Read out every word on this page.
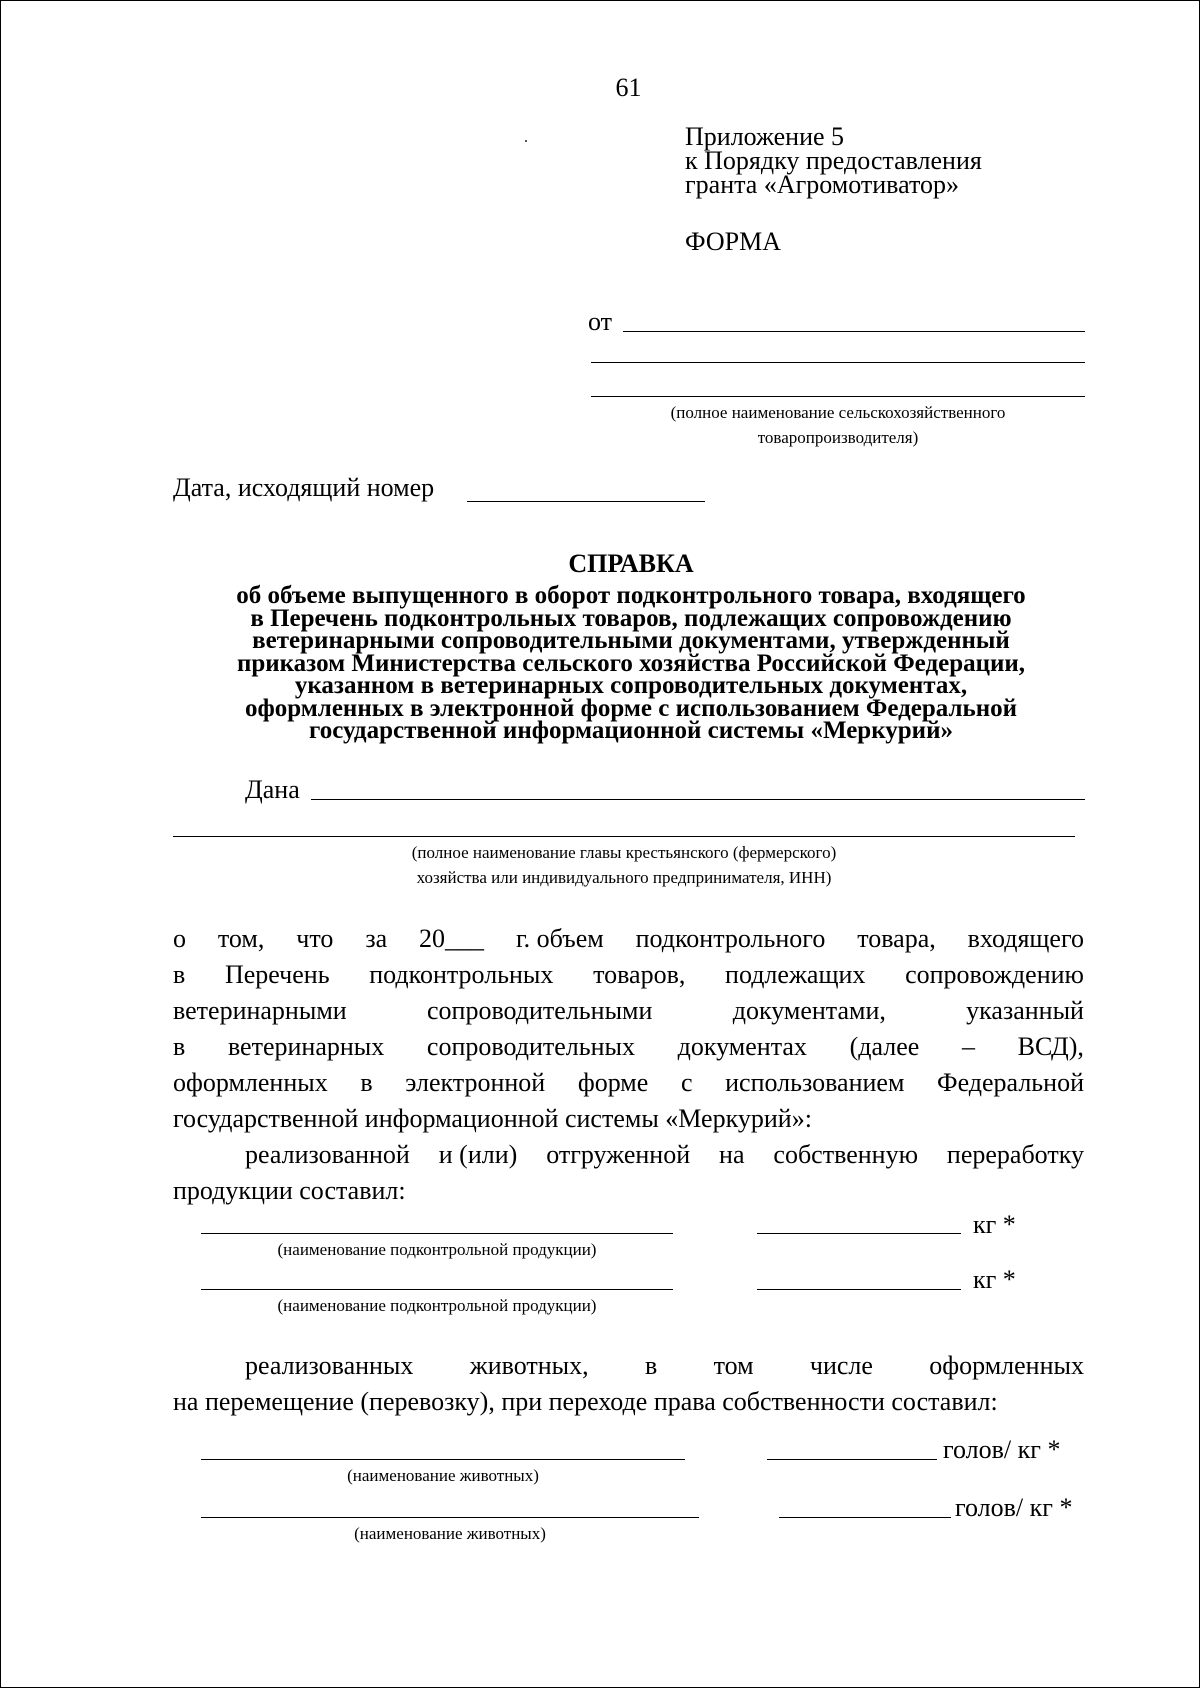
61
Приложение 5
к Порядку предоставления
гранта «Агромотиватор»
ФОРМА
от
(полное наименование сельскохозяйственного
товаропроизводителя)
Дата, исходящий номер
СПРАВКА
об объеме выпущенного в оборот подконтрольного товара, входящего
в Перечень подконтрольных товаров, подлежащих сопровождению
ветеринарными сопроводительными документами, утвержденный
приказом Министерства сельского хозяйства Российской Федерации,
указанном в ветеринарных сопроводительных документах,
оформленных в электронной форме с использованием Федеральной
государственной информационной системы «Меркурий»
Дана
(полное наименование главы крестьянского (фермерского)
хозяйства или индивидуального предпринимателя, ИНН)
о том, что за 20___ г. объем подконтрольного товара, входящего
в Перечень подконтрольных товаров, подлежащих сопровождению
ветеринарными	сопроводительными	документами,	указанный
в ветеринарных сопроводительных документах (далее – ВСД),
оформленных в электронной форме с использованием Федеральной
государственной информационной системы «Меркурий»:
реализованной и (или) отгруженной на собственную переработку
продукции составил:
кг *
(наименование подконтрольной продукции)
кг *
(наименование подконтрольной продукции)
реализованных животных, в том числе оформленных
на перемещение (перевозку), при переходе права собственности составил:
голов/ кг *
(наименование животных)
голов/ кг *
(наименование животных)
